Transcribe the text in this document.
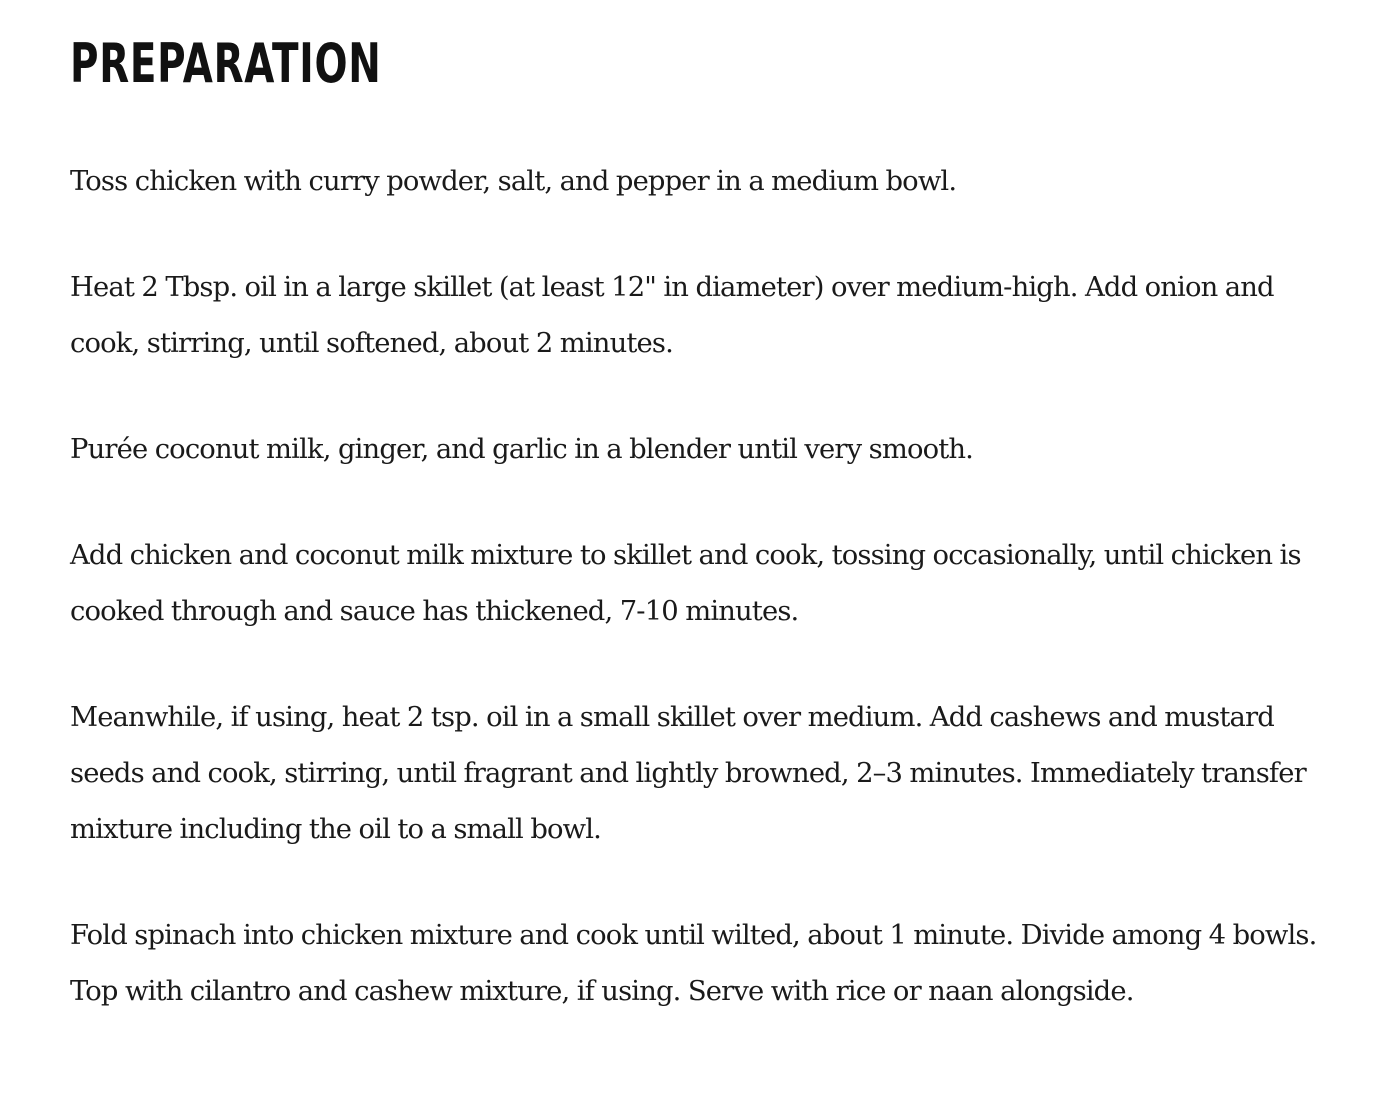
PREPARATION
Toss chicken with curry powder, salt, and pepper in a medium bowl.
Heat 2 Tbsp. oil in a large skillet (at least 12" in diameter) over medium-high. Add onion and cook, stirring, until softened, about 2 minutes.
Purée coconut milk, ginger, and garlic in a blender until very smooth.
Add chicken and coconut milk mixture to skillet and cook, tossing occasionally, until chicken is cooked through and sauce has thickened, 7-10 minutes.
Meanwhile, if using, heat 2 tsp. oil in a small skillet over medium. Add cashews and mustard seeds and cook, stirring, until fragrant and lightly browned, 2–3 minutes. Immediately transfer mixture including the oil to a small bowl.
Fold spinach into chicken mixture and cook until wilted, about 1 minute. Divide among 4 bowls. Top with cilantro and cashew mixture, if using. Serve with rice or naan alongside.
